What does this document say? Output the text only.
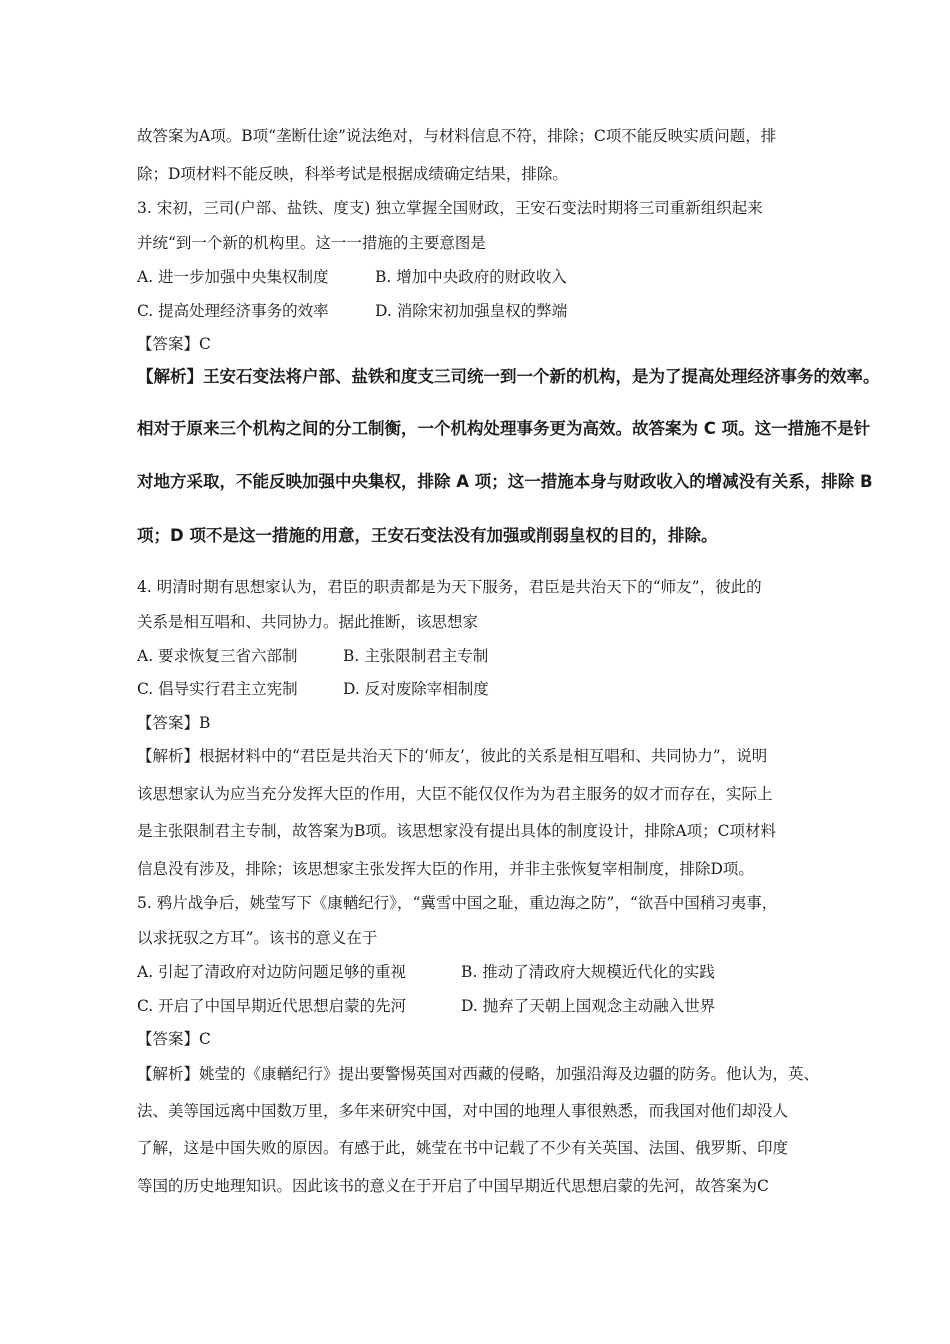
故答案为A项。B项“垄断仕途”说法绝对，与材料信息不符，排除；C项不能反映实质问题，排
除；D项材料不能反映，科举考试是根据成绩确定结果，排除。
3. 宋初，三司(户部、盐铁、度支) 独立掌握全国财政，王安石变法时期将三司重新组织起来
并统“到一个新的机构里。这一一措施的主要意图是
A. 进一步加强中央集权制度	B. 增加中央政府的财政收入
C. 提高处理经济事务的效率	D. 消除宋初加强皇权的弊端
【答案】C
【解析】王安石变法将户部、盐铁和度支三司统一到一个新的机构，是为了提高处理经济事务的效率。
相对于原来三个机构之间的分工制衡，一个机构处理事务更为高效。故答案为 C 项。这一措施不是针
对地方采取，不能反映加强中央集权，排除 A 项；这一措施本身与财政收入的增减没有关系，排除 B
项；D 项不是这一措施的用意，王安石变法没有加强或削弱皇权的目的，排除。
4. 明清时期有思想家认为，君臣的职责都是为天下服务，君臣是共治天下的“师友”，彼此的
关系是相互唱和、共同协力。据此推断，该思想家
A. 要求恢复三省六部制	B. 主张限制君主专制
C. 倡导实行君主立宪制	D. 反对废除宰相制度
【答案】B
【解析】根据材料中的“君臣是共治天下的‘师友’，彼此的关系是相互唱和、共同协力”，说明
该思想家认为应当充分发挥大臣的作用，大臣不能仅仅作为为君主服务的奴才而存在，实际上
是主张限制君主专制，故答案为B项。该思想家没有提出具体的制度设计，排除A项；C项材料
信息没有涉及，排除；该思想家主张发挥大臣的作用，并非主张恢复宰相制度，排除D项。
5. 鸦片战争后，姚莹写下《康輶纪行》，“冀雪中国之耻，重边海之防”，“欲吾中国稍习夷事，
以求抚驭之方耳”。该书的意义在于
A. 引起了清政府对边防问题足够的重视	B. 推动了清政府大规模近代化的实践
C. 开启了中国早期近代思想启蒙的先河	D. 抛弃了天朝上国观念主动融入世界
【答案】C
【解析】姚莹的《康輶纪行》提出要警惕英国对西藏的侵略，加强沿海及边疆的防务。他认为，英、
法、美等国远离中国数万里，多年来研究中国，对中国的地理人事很熟悉，而我国对他们却没人
了解，这是中国失败的原因。有感于此，姚莹在书中记载了不少有关英国、法国、俄罗斯、印度
等国的历史地理知识。因此该书的意义在于开启了中国早期近代思想启蒙的先河，故答案为C
